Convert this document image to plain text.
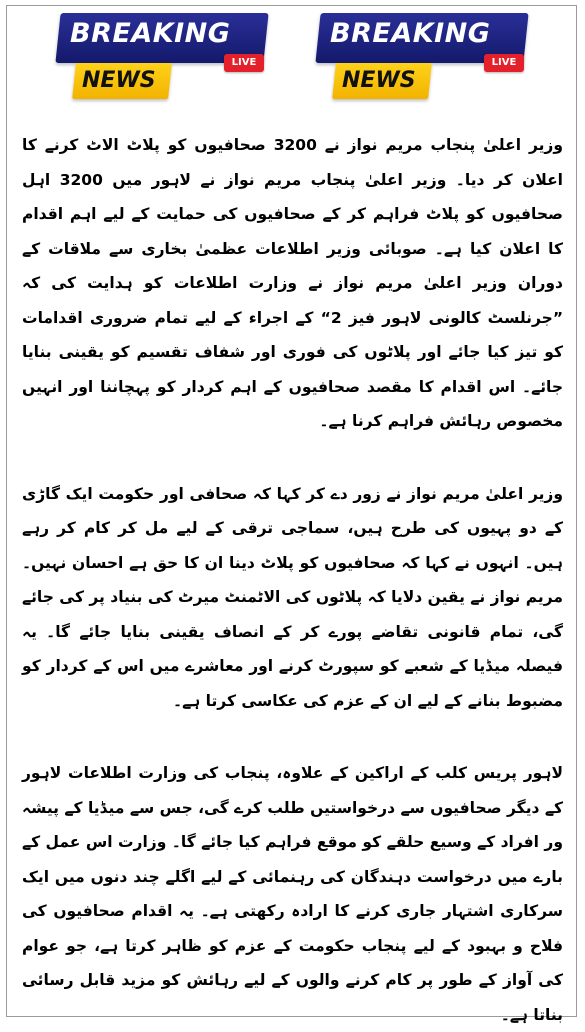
BREAKING
NEWS
LIVE
BREAKING
NEWS
LIVE

وزیر اعلیٰ پنجاب مریم نواز نے 3200 صحافیوں کو پلاٹ الاٹ کرنے کا اعلان کر دیا۔ وزیر اعلیٰ پنجاب مریم نواز نے لاہور میں 3200 اہل صحافیوں کو پلاٹ فراہم کر کے صحافیوں کی حمایت کے لیے اہم اقدام کا اعلان کیا ہے۔ صوبائی وزیر اطلاعات عظمیٰ بخاری سے ملاقات کے دوران وزیر اعلیٰ مریم نواز نے وزارت اطلاعات کو ہدایت کی کہ ”جرنلسٹ کالونی لاہور فیز 2“ کے اجراء کے لیے تمام ضروری اقدامات کو تیز کیا جائے اور پلاٹوں کی فوری اور شفاف تقسیم کو یقینی بنایا جائے۔ اس اقدام کا مقصد صحافیوں کے اہم کردار کو پہچاننا اور انہیں مخصوص رہائش فراہم کرنا ہے۔

وزیر اعلیٰ مریم نواز نے زور دے کر کہا کہ صحافی اور حکومت ایک گاڑی کے دو پہیوں کی طرح ہیں، سماجی ترقی کے لیے مل کر کام کر رہے ہیں۔ انہوں نے کہا کہ صحافیوں کو پلاٹ دینا ان کا حق ہے احسان نہیں۔ مریم نواز نے یقین دلایا کہ پلاٹوں کی الاٹمنٹ میرٹ کی بنیاد پر کی جائے گی، تمام قانونی تقاضے پورے کر کے انصاف یقینی بنایا جائے گا۔ یہ فیصلہ میڈیا کے شعبے کو سپورٹ کرنے اور معاشرے میں اس کے کردار کو مضبوط بنانے کے لیے ان کے عزم کی عکاسی کرتا ہے۔

لاہور پریس کلب کے اراکین کے علاوہ، پنجاب کی وزارت اطلاعات لاہور کے دیگر صحافیوں سے درخواستیں طلب کرے گی، جس سے میڈیا کے پیشہ ور افراد کے وسیع حلقے کو موقع فراہم کیا جائے گا۔ وزارت اس عمل کے بارے میں درخواست دہندگان کی رہنمائی کے لیے اگلے چند دنوں میں ایک سرکاری اشتہار جاری کرنے کا ارادہ رکھتی ہے۔ یہ اقدام صحافیوں کی فلاح و بہبود کے لیے پنجاب حکومت کے عزم کو ظاہر کرتا ہے، جو عوام کی آواز کے طور پر کام کرنے والوں کے لیے رہائش کو مزید قابل رسائی بناتا ہے۔
